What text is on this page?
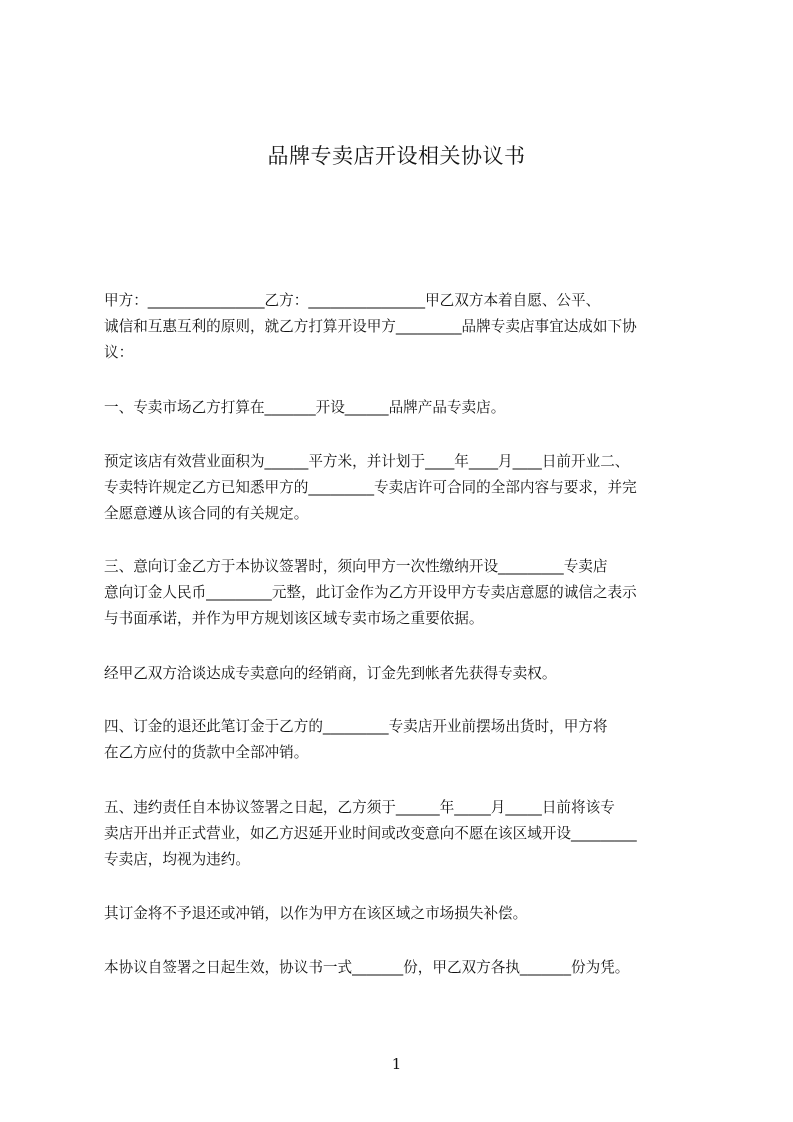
品牌专卖店开设相关协议书
甲方：________________乙方：________________甲乙双方本着自愿、公平、
诚信和互惠互利的原则，就乙方打算开设甲方_________品牌专卖店事宜达成如下协
议：
一、专卖市场乙方打算在_______开设______品牌产品专卖店。
预定该店有效营业面积为______平方米，并计划于____年____月____日前开业二、
专卖特许规定乙方已知悉甲方的_________专卖店许可合同的全部内容与要求，并完
全愿意遵从该合同的有关规定。
三、意向订金乙方于本协议签署时，须向甲方一次性缴纳开设_________专卖店
意向订金人民币_________元整，此订金作为乙方开设甲方专卖店意愿的诚信之表示
与书面承诺，并作为甲方规划该区域专卖市场之重要依据。
经甲乙双方洽谈达成专卖意向的经销商，订金先到帐者先获得专卖权。
四、订金的退还此笔订金于乙方的_________专卖店开业前摆场出货时，甲方将
在乙方应付的货款中全部冲销。
五、违约责任自本协议签署之日起，乙方须于______年_____月_____日前将该专
卖店开出并正式营业，如乙方迟延开业时间或改变意向不愿在该区域开设_________
专卖店，均视为违约。
其订金将不予退还或冲销，以作为甲方在该区域之市场损失补偿。
本协议自签署之日起生效，协议书一式_______份，甲乙双方各执_______份为凭。
1
